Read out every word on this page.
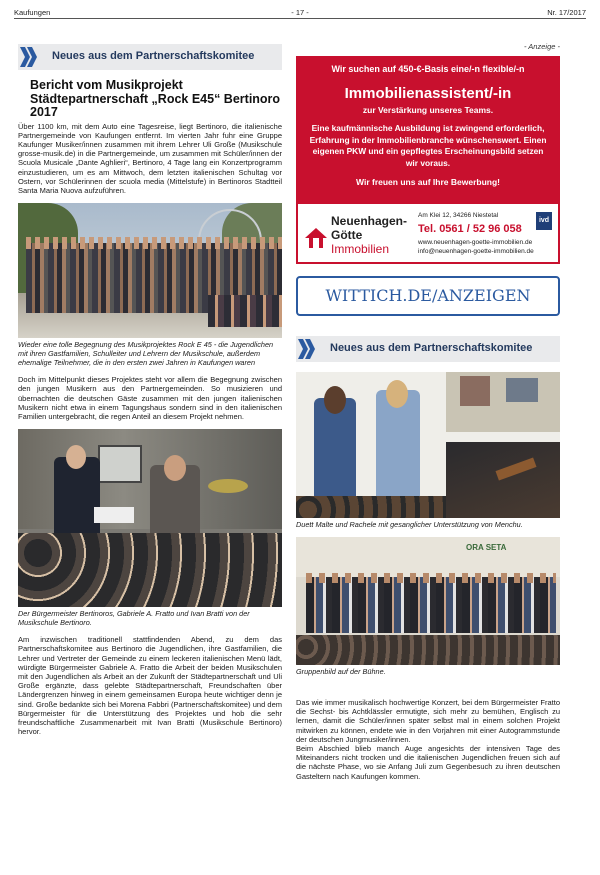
Kaufungen	- 17 -	Nr. 17/2017
- Anzeige -
Neues aus dem Partnerschaftskomitee
Bericht vom Musikprojekt Städtepartnerschaft „Rock E45“ Bertinoro 2017

Über 1100 km, mit dem Auto eine Tagesreise, liegt Bertinoro, die italienische Partnergemeinde von Kaufungen entfernt. Im vierten Jahr fuhr eine Gruppe Kaufunger Musiker/innen zusammen mit ihrem Lehrer Uli Große (Musikschule grosse-musik.de) in die Partnergemeinde, um zusammen mit Schüler/innen der Scuola Musicale „Dante Aghlieri“, Bertinoro, 4 Tage lang ein Konzertprogramm einzustudieren, um es am Mittwoch, dem letzten italienischen Schultag vor Ostern, vor Schülerinnen der scuola media (Mittelstufe) in Bertinoros Stadtteil Santa Maria Nuova aufzuführen.

Wieder eine tolle Begegnung des Musikprojektes Rock E 45 - die Jugendlichen mit ihren Gastfamilien, Schulleiter und Lehrern der Musikschule, außerdem ehemalige Teilnehmer, die in den ersten zwei Jahren in Kaufungen waren

Doch im Mittelpunkt dieses Projektes steht vor allem die Begegnung zwischen den jungen Musikern aus den Partnergemeinden. So musizieren und übernachten die deutschen Gäste zusammen mit den jungen italienischen Musikern nicht etwa in einem Tagungshaus sondern sind in den italienischen Familien untergebracht, die regen Anteil an diesem Projekt nehmen.

Der Bürgermeister Bertinoros, Gabriele A. Fratto und Ivan Bratti von der Musikschule Bertinoro.

Am inzwischen traditionell stattfindenden Abend, zu dem das Partnerschaftskomitee aus Bertinoro die Jugendlichen, ihre Gastfamilien, die Lehrer und Vertreter der Gemeinde zu einem leckeren italienischen Menü lädt, würdigte Bürgermeister Gabriele A. Fratto die Arbeit der beiden Musikschulen mit den Jugendlichen als Arbeit an der Zukunft der Städtepartnerschaft und Uli Große ergänzte, dass gelebte Städtepartnerschaft, Freundschaften über Ländergrenzen hinweg in einem gemeinsamen Europa heute wichtiger denn je sind. Große bedankte sich bei Morena Fabbri (Partnerschaftskomitee) und dem Bürgermeister für die Unterstützung des Projektes und hob die sehr freundschaftliche Zusammenarbeit mit Ivan Bratti (Musikschule Bertinoro) hervor.

Wir suchen auf 450-€-Basis eine/-n flexible/-n
Immobilienassistent/-in
zur Verstärkung unseres Teams.
Eine kaufmännische Ausbildung ist zwingend erforderlich, Erfahrung in der Immobilienbranche wünschenswert. Einen eigenen PKW und ein gepflegtes Erscheinungsbild setzen wir voraus.
Wir freuen uns auf Ihre Bewerbung!
Neuenhagen-
Götte
Immobilien
Am Klei 12, 34266 Niestetal
Tel. 0561 / 52 96 058
www.neuenhagen-goette-immobilien.de
info@neuenhagen-goette-immobilien.de
ivd
WITTICH.DE/ANZEIGEN
Neues aus dem Partnerschaftskomitee
Duett Malte und Rachele mit gesanglicher Unterstützung von Menchu.
ORA SETA
Gruppenbild auf der Bühne.

Das wie immer musikalisch hochwertige Konzert, bei dem Bürgermeister Fratto die Sechst- bis Achtklässler ermutigte, sich mehr zu bemühen, Englisch zu lernen, damit die Schüler/innen später selbst mal in einem solchen Projekt mitwirken zu können, endete wie in den Vorjahren mit einer Autogrammstunde der deutschen Jungmusiker/innen.

Beim Abschied blieb manch Auge angesichts der intensiven Tage des Miteinanders nicht trocken und die italienischen Jugendlichen freuen sich auf die nächste Phase, wo sie Anfang Juli zum Gegenbesuch zu ihren deutschen Gasteltern nach Kaufungen kommen.
